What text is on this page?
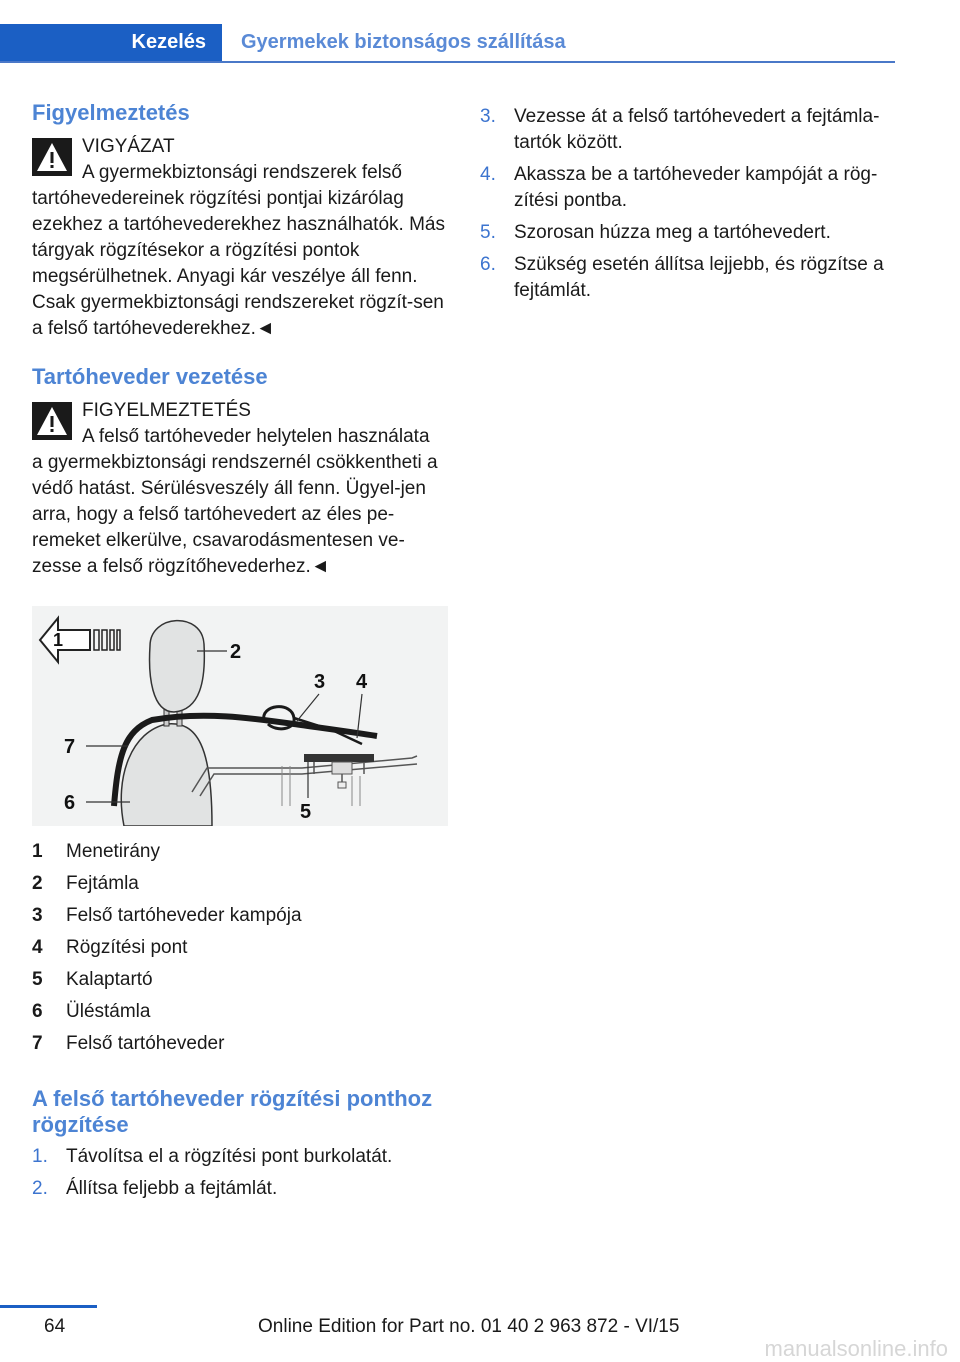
Kezelés	Gyermekek biztonságos szállítása
Figyelmeztetés
VIGYÁZAT
A gyermekbiztonsági rendszerek felső

tartóhevedereinek rögzítési pontjai kizárólag ezekhez a tartóhevederekhez használhatók. Más tárgyak rögzítésekor a rögzítési pontok megsérülhetnek. Anyagi kár veszélye áll fenn. Csak gyermekbiztonsági rendszereket rögzít-sen a felső tartóhevederekhez.◄

Tartóheveder vezetése
FIGYELMEZTETÉS
A felső tartóheveder helytelen használata

a gyermekbiztonsági rendszernél csökkentheti a védő hatást. Sérülésveszély áll fenn. Ügyel-jen arra, hogy a felső tartóhevedert az éles pe-remeket elkerülve, csavarodásmentesen ve-zesse a felső rögzítőhevederhez.◄

1
2
3 4
5
6
7
1	Menetirány
2	Fejtámla
3	Felső tartóheveder kampója
4	Rögzítési pont
5	Kalaptartó
6	Üléstámla
7	Felső tartóheveder
A felső tartóheveder rögzítési ponthoz rögzítése
1. Távolítsa el a rögzítési pont burkolatát.
2. Állítsa feljebb a fejtámlát.
3. Vezesse át a felső tartóhevedert a fejtámla-tartók között.
4. Akassza be a tartóheveder kampóját a rög-zítési pontba.
5. Szorosan húzza meg a tartóhevedert.
6. Szükség esetén állítsa lejjebb, és rögzítse a fejtámlát.
64	Online Edition for Part no. 01 40 2 963 872 - VI/15
manualsonline.info
